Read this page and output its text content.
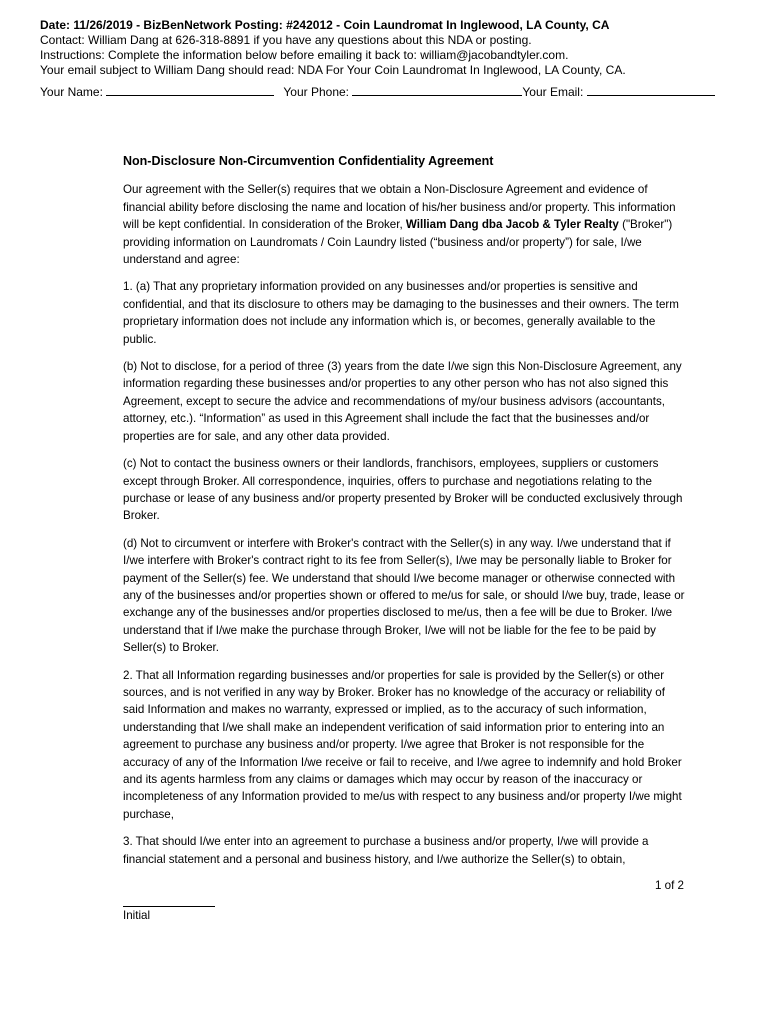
Date: 11/26/2019 - BizBenNetwork Posting: #242012 - Coin Laundromat In Inglewood, LA County, CA
Contact: William Dang at 626-318-8891 if you have any questions about this NDA or posting.
Instructions: Complete the information below before emailing it back to: william@jacobandtyler.com.
Your email subject to William Dang should read: NDA For Your Coin Laundromat In Inglewood, LA County, CA.
Your Name:	Your Phone:	Your Email:
Non-Disclosure Non-Circumvention Confidentiality Agreement

Our agreement with the Seller(s) requires that we obtain a Non-Disclosure Agreement and evidence of financial ability before disclosing the name and location of his/her business and/or property. This information will be kept confidential. In consideration of the Broker, William Dang dba Jacob & Tyler Realty ("Broker") providing information on Laundromats / Coin Laundry listed (“business and/or property”) for sale, I/we understand and agree:

1. (a) That any proprietary information provided on any businesses and/or properties is sensitive and confidential, and that its disclosure to others may be damaging to the businesses and their owners. The term proprietary information does not include any information which is, or becomes, generally available to the public.

(b) Not to disclose, for a period of three (3) years from the date I/we sign this Non-Disclosure Agreement, any information regarding these businesses and/or properties to any other person who has not also signed this Agreement, except to secure the advice and recommendations of my/our business advisors (accountants, attorney, etc.). “Information” as used in this Agreement shall include the fact that the businesses and/or properties are for sale, and any other data provided.

(c) Not to contact the business owners or their landlords, franchisors, employees, suppliers or customers except through Broker. All correspondence, inquiries, offers to purchase and negotiations relating to the purchase or lease of any business and/or property presented by Broker will be conducted exclusively through Broker.

(d) Not to circumvent or interfere with Broker's contract with the Seller(s) in any way. I/we understand that if I/we interfere with Broker's contract right to its fee from Seller(s), I/we may be personally liable to Broker for payment of the Seller(s) fee. We understand that should I/we become manager or otherwise connected with any of the businesses and/or properties shown or offered to me/us for sale, or should I/we buy, trade, lease or exchange any of the businesses and/or properties disclosed to me/us, then a fee will be due to Broker. I/we understand that if I/we make the purchase through Broker, I/we will not be liable for the fee to be paid by Seller(s) to Broker.

2. That all Information regarding businesses and/or properties for sale is provided by the Seller(s) or other sources, and is not verified in any way by Broker. Broker has no knowledge of the accuracy or reliability of said Information and makes no warranty, expressed or implied, as to the accuracy of such information, understanding that I/we shall make an independent verification of said information prior to entering into an agreement to purchase any business and/or property. I/we agree that Broker is not responsible for the accuracy of any of the Information I/we receive or fail to receive, and I/we agree to indemnify and hold Broker and its agents harmless from any claims or damages which may occur by reason of the inaccuracy or incompleteness of any Information provided to me/us with respect to any business and/or property I/we might purchase,

3. That should I/we enter into an agreement to purchase a business and/or property, I/we will provide a financial statement and a personal and business history, and I/we authorize the Seller(s) to obtain,

1 of 2
Initial
